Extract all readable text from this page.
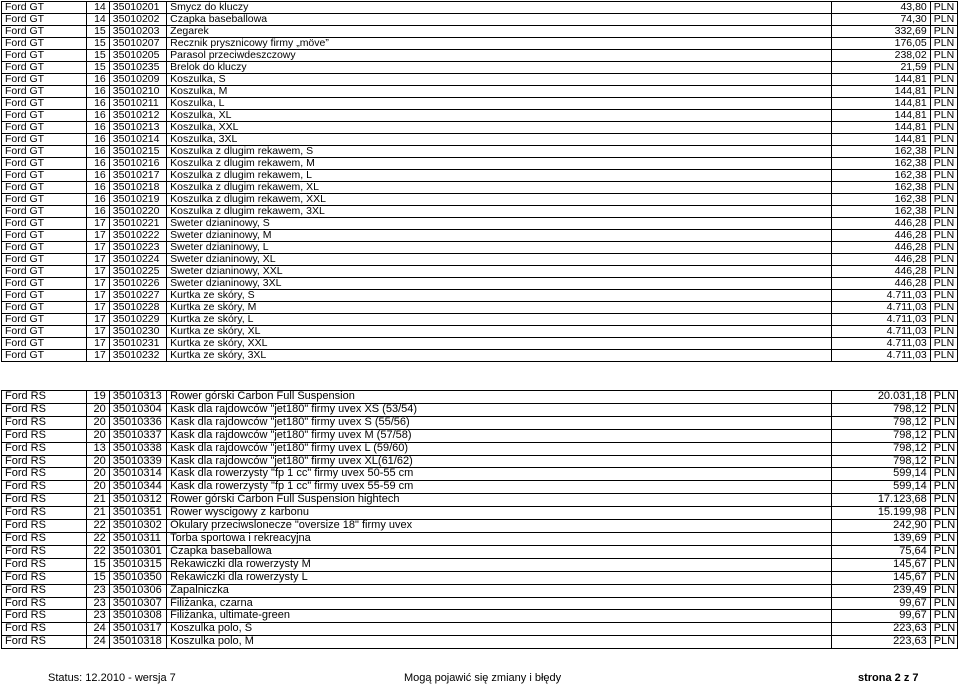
Ford GT	14	35010201	Smycz do kluczy	43,80	PLN
Ford GT	14	35010202	Czapka baseballowa	74,30	PLN
Ford GT	15	35010203	Zegarek	332,69	PLN
Ford GT	15	35010207	Recznik prysznicowy firmy „möve”	176,05	PLN
Ford GT	15	35010205	Parasol przeciwdeszczowy	238,02	PLN
Ford GT	15	35010235	Brelok do kluczy	21,59	PLN
Ford GT	16	35010209	Koszulka, S	144,81	PLN
Ford GT	16	35010210	Koszulka, M	144,81	PLN
Ford GT	16	35010211	Koszulka, L	144,81	PLN
Ford GT	16	35010212	Koszulka, XL	144,81	PLN
Ford GT	16	35010213	Koszulka, XXL	144,81	PLN
Ford GT	16	35010214	Koszulka, 3XL	144,81	PLN
Ford GT	16	35010215	Koszulka z dlugim rekawem, S	162,38	PLN
Ford GT	16	35010216	Koszulka z dlugim rekawem, M	162,38	PLN
Ford GT	16	35010217	Koszulka z dlugim rekawem, L	162,38	PLN
Ford GT	16	35010218	Koszulka z dlugim rekawem, XL	162,38	PLN
Ford GT	16	35010219	Koszulka z dlugim rekawem, XXL	162,38	PLN
Ford GT	16	35010220	Koszulka z dlugim rekawem, 3XL	162,38	PLN
Ford GT	17	35010221	Sweter dzianinowy, S	446,28	PLN
Ford GT	17	35010222	Sweter dzianinowy, M	446,28	PLN
Ford GT	17	35010223	Sweter dzianinowy, L	446,28	PLN
Ford GT	17	35010224	Sweter dzianinowy, XL	446,28	PLN
Ford GT	17	35010225	Sweter dzianinowy, XXL	446,28	PLN
Ford GT	17	35010226	Sweter dzianinowy, 3XL	446,28	PLN
Ford GT	17	35010227	Kurtka ze skóry, S	4.711,03	PLN
Ford GT	17	35010228	Kurtka ze skóry, M	4.711,03	PLN
Ford GT	17	35010229	Kurtka ze skóry, L	4.711,03	PLN
Ford GT	17	35010230	Kurtka ze skóry, XL	4.711,03	PLN
Ford GT	17	35010231	Kurtka ze skóry, XXL	4.711,03	PLN
Ford GT	17	35010232	Kurtka ze skóry, 3XL	4.711,03	PLN
Ford RS	19	35010313	Rower górski Carbon Full Suspension	20.031,18	PLN
Ford RS	20	35010304	Kask dla rajdowców "jet180" firmy uvex XS (53/54)	798,12	PLN
Ford RS	20	35010336	Kask dla rajdowców "jet180" firmy uvex S (55/56)	798,12	PLN
Ford RS	20	35010337	Kask dla rajdowców "jet180" firmy uvex M (57/58)	798,12	PLN
Ford RS	13	35010338	Kask dla rajdowców "jet180" firmy uvex L (59/60)	798,12	PLN
Ford RS	20	35010339	Kask dla rajdowców "jet180" firmy uvex XL(61/62)	798,12	PLN
Ford RS	20	35010314	Kask dla rowerzysty "fp 1 cc" firmy uvex 50-55 cm	599,14	PLN
Ford RS	20	35010344	Kask dla rowerzysty "fp 1 cc" firmy uvex 55-59 cm	599,14	PLN
Ford RS	21	35010312	Rower górski Carbon Full Suspension hightech	17.123,68	PLN
Ford RS	21	35010351	Rower wyscigowy z karbonu	15.199,98	PLN
Ford RS	22	35010302	Okulary przeciwslonecze "oversize 18" firmy uvex	242,90	PLN
Ford RS	22	35010311	Torba sportowa i rekreacyjna	139,69	PLN
Ford RS	22	35010301	Czapka baseballowa	75,64	PLN
Ford RS	15	35010315	Rekawiczki dla rowerzysty M	145,67	PLN
Ford RS	15	35010350	Rekawiczki dla rowerzysty L	145,67	PLN
Ford RS	23	35010306	Zapalniczka	239,49	PLN
Ford RS	23	35010307	Filiżanka, czarna	99,67	PLN
Ford RS	23	35010308	Filiżanka, ultimate-green	99,67	PLN
Ford RS	24	35010317	Koszulka polo, S	223,63	PLN
Ford RS	24	35010318	Koszulka polo, M	223,63	PLN
Status: 12.2010 - wersja 7	Mogą pojawić się zmiany i błędy	strona 2 z 7
